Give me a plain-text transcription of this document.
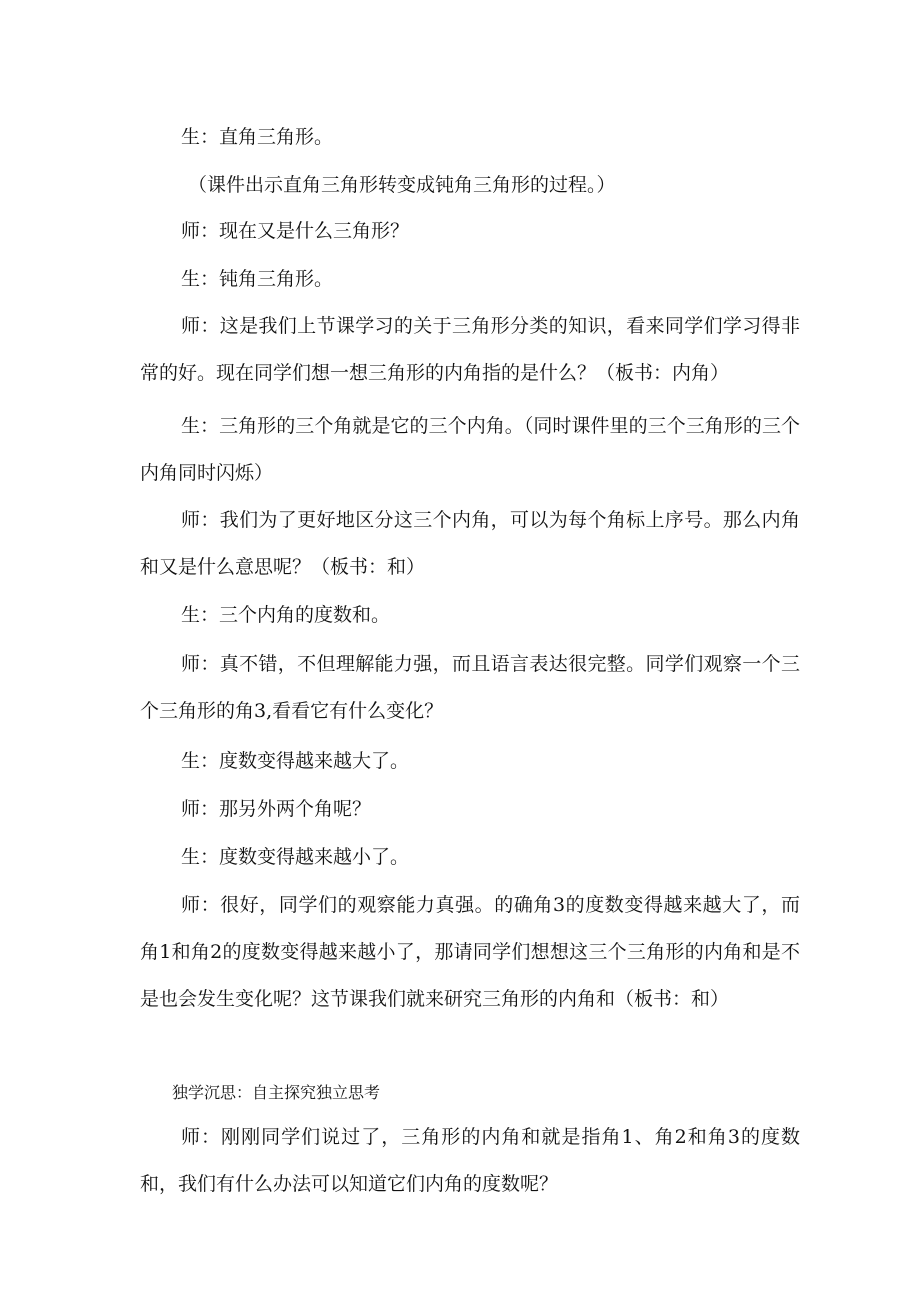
生：直角三角形。

（课件出示直角三角形转变成钝角三角形的过程。）

师：现在又是什么三角形？

生：钝角三角形。

师：这是我们上节课学习的关于三角形分类的知识，看来同学们学习得非常的好。现在同学们想一想三角形的内角指的是什么？（板书：内角）

生：三角形的三个角就是它的三个内角。（同时课件里的三个三角形的三个内角同时闪烁）

师：我们为了更好地区分这三个内角，可以为每个角标上序号。那么内角和又是什么意思呢？（板书：和）

生：三个内角的度数和。

师：真不错，不但理解能力强，而且语言表达很完整。同学们观察一个三个三角形的角3,看看它有什么变化？

生：度数变得越来越大了。

师：那另外两个角呢？

生：度数变得越来越小了。

师：很好，同学们的观察能力真强。的确角3的度数变得越来越大了，而角1和角2的度数变得越来越小了，那请同学们想想这三个三角形的内角和是不是也会发生变化呢？这节课我们就来研究三角形的内角和（板书：和）

独学沉思：自主探究独立思考

师：刚刚同学们说过了，三角形的内角和就是指角1、角2和角3的度数和，我们有什么办法可以知道它们内角的度数呢？
